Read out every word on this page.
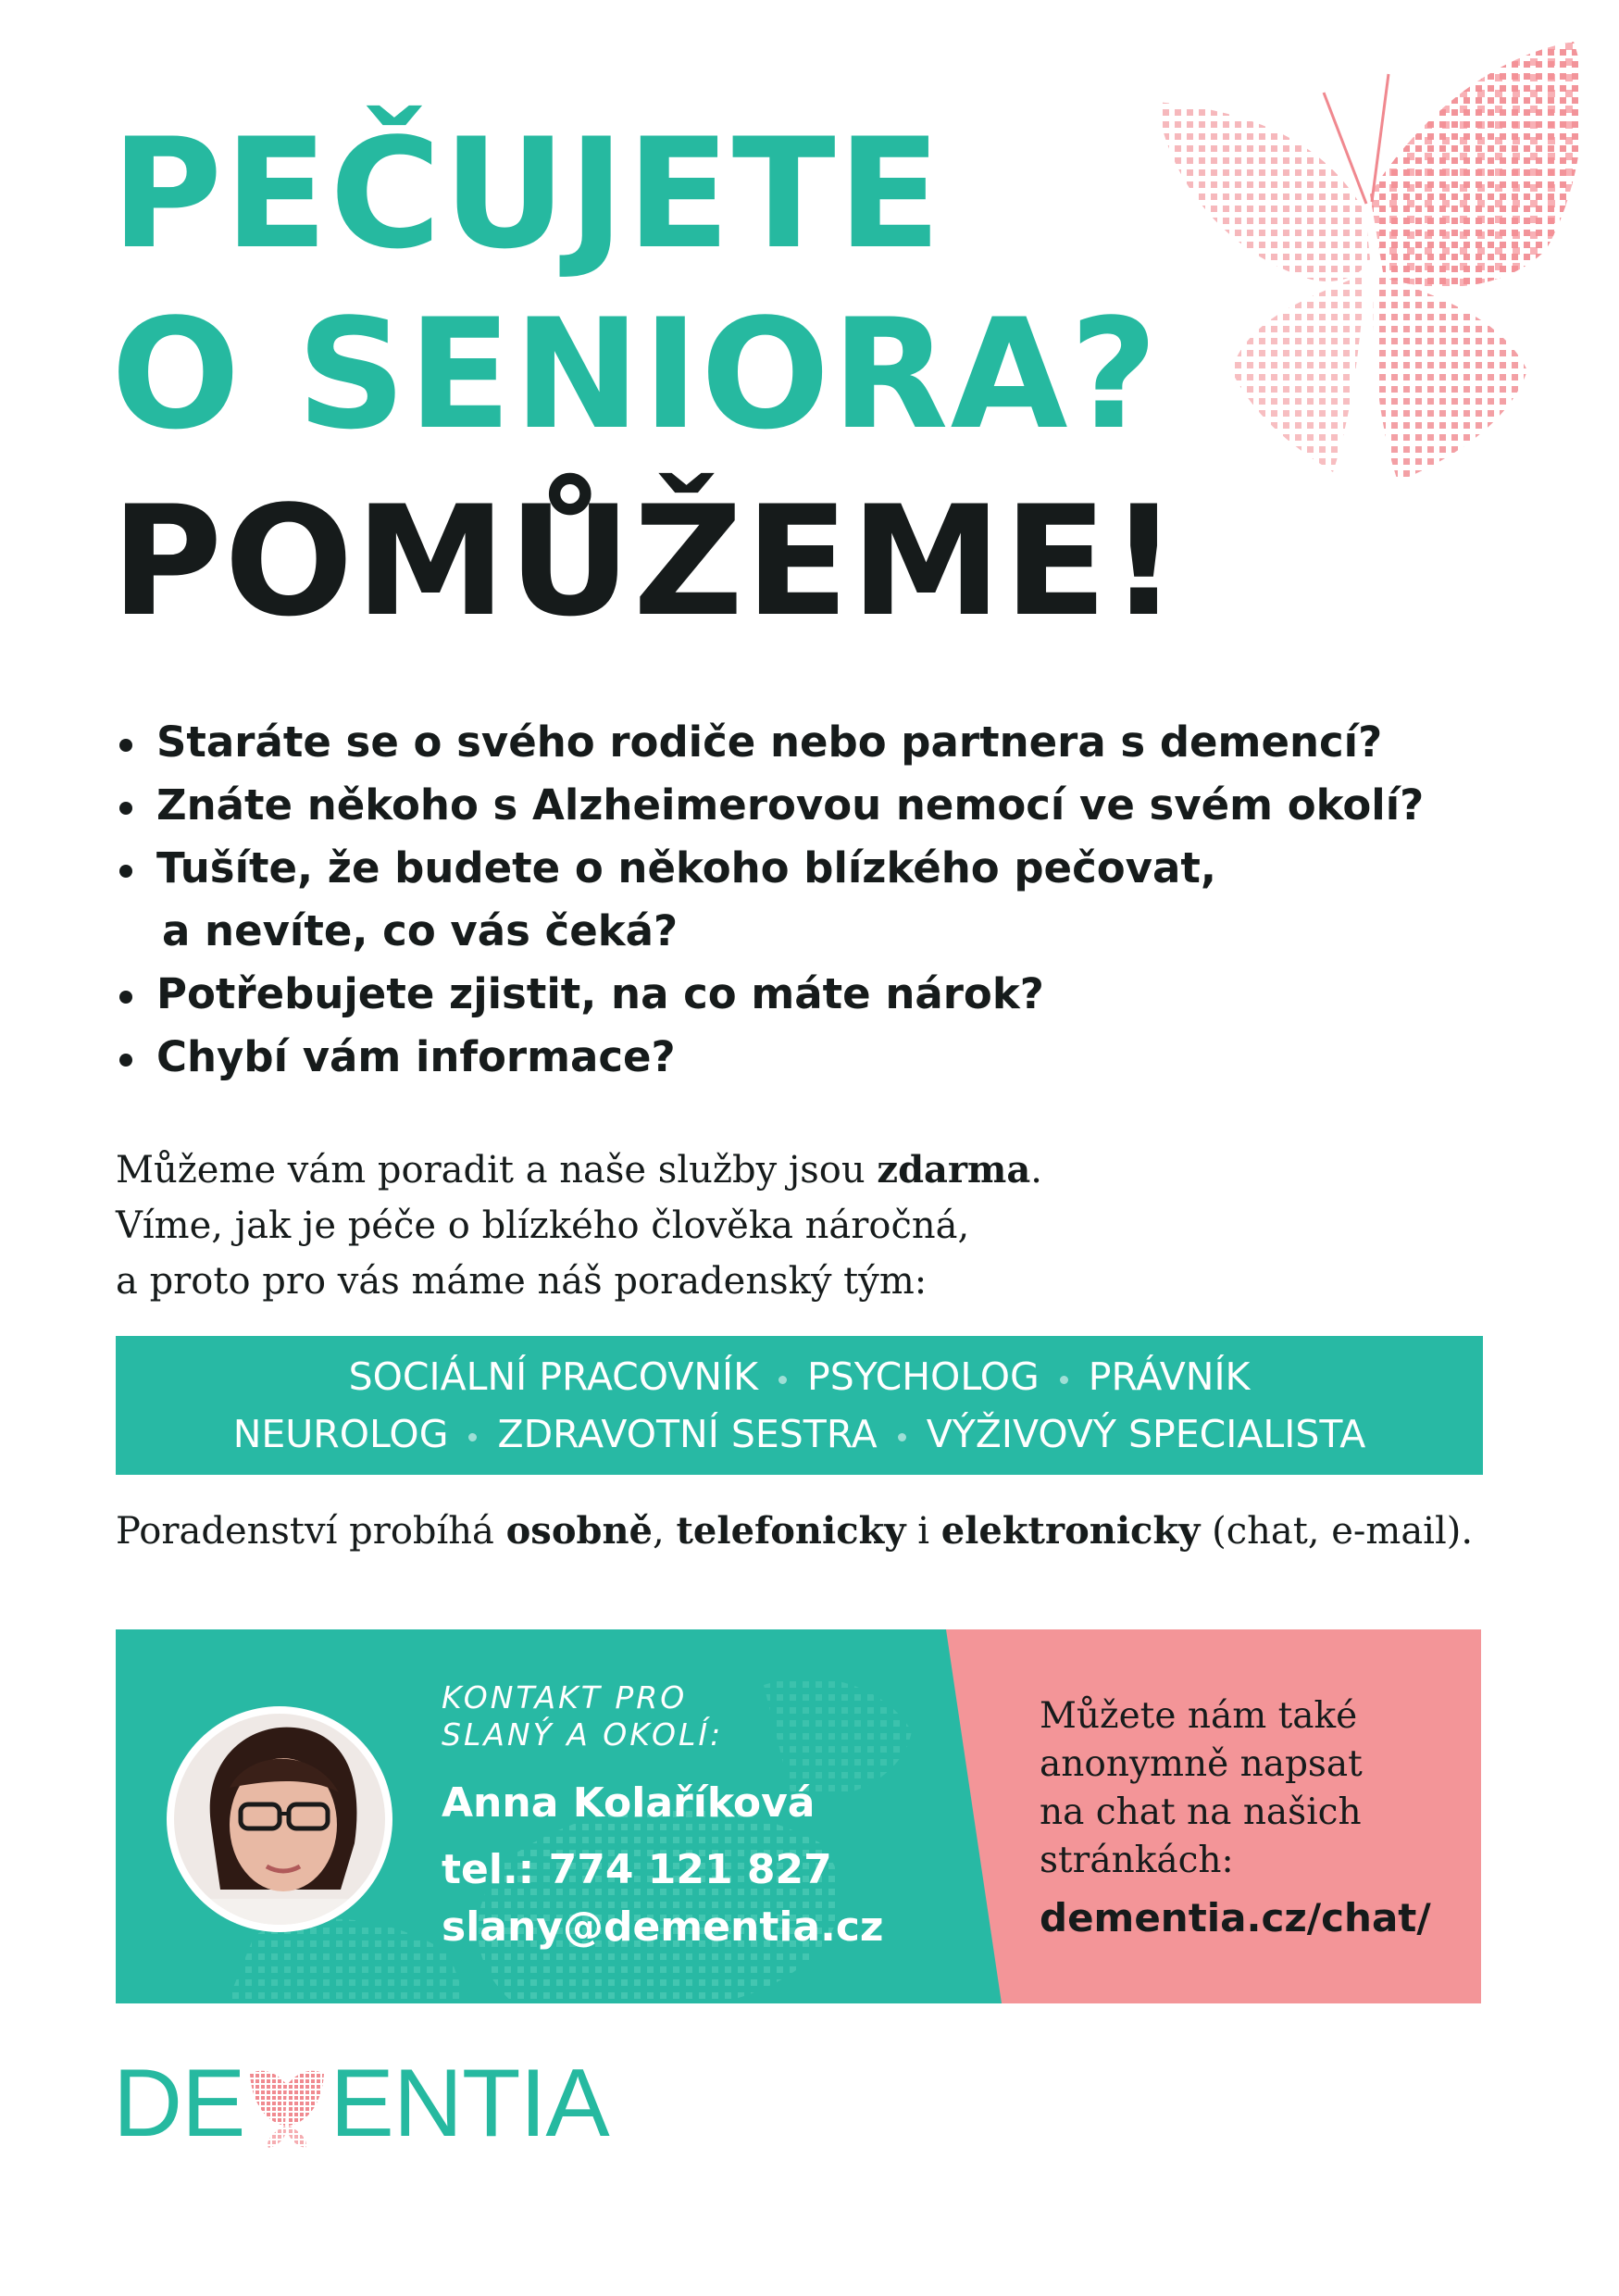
PEČUJETE
O SENIORA?
POMŮŽEME!
Staráte se o svého rodiče nebo partnera s demencí?
Znáte někoho s Alzheimerovou nemocí ve svém okolí?
Tušíte, že budete o někoho blízkého pečovat,
a nevíte, co vás čeká?
Potřebujete zjistit, na co máte nárok?
Chybí vám informace?

Můžeme vám poradit a naše služby jsou zdarma.

Víme, jak je péče o blízkého člověka náročná,

a proto pro vás máme náš poradenský tým:

SOCIÁLNÍ PRACOVNÍK PSYCHOLOG PRÁVNÍK
NEUROLOG ZDRAVOTNÍ SESTRA VÝŽIVOVÝ SPECIALISTA
Poradenství probíhá osobně, telefonicky i elektronicky (chat, e-mail).
KONTAKT PRO
SLANÝ A OKOLÍ:
Anna Kolaříková
tel.: 774 121 827
slany@dementia.cz
Můžete nám také
anonymně napsat
na chat na našich
stránkách:
dementia.cz/chat/
DE ENTIA
